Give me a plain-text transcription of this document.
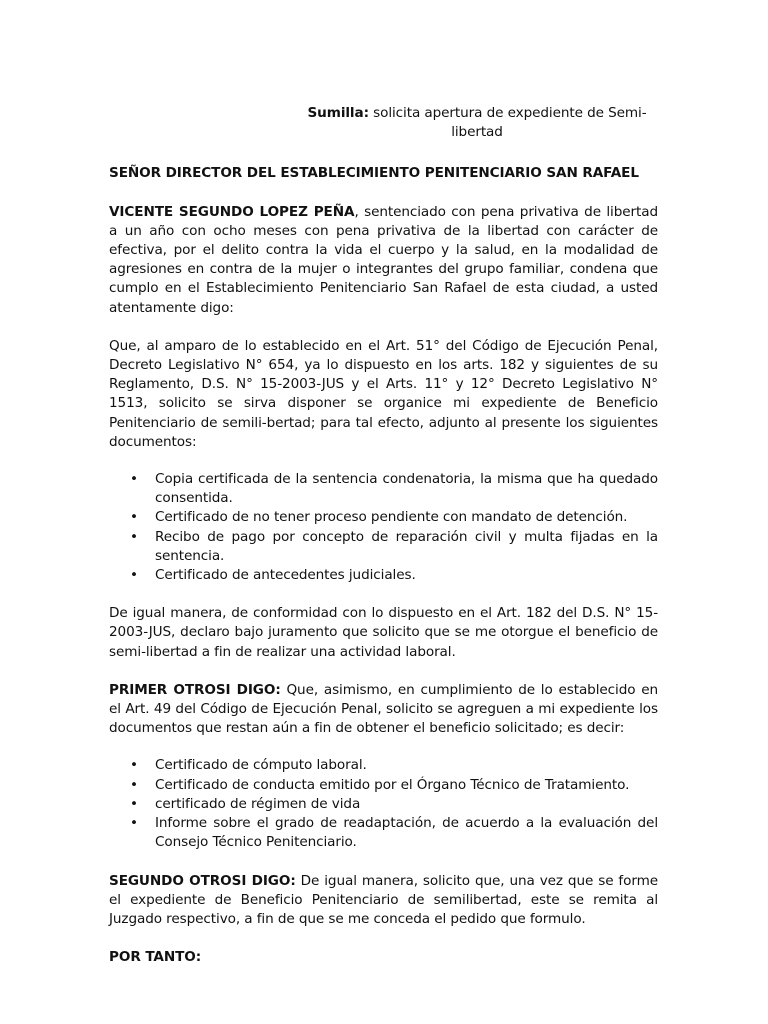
Sumilla: solicita apertura de expediente de Semi-libertad
SEÑOR DIRECTOR DEL ESTABLECIMIENTO PENITENCIARIO SAN RAFAEL

VICENTE SEGUNDO LOPEZ PEÑA, sentenciado con pena privativa de libertad a un año con ocho meses con pena privativa de la libertad con carácter de efectiva, por el delito contra la vida el cuerpo y la salud, en la modalidad de agresiones en contra de la mujer o integrantes del grupo familiar, condena que cumplo en el Establecimiento Penitenciario San Rafael de esta ciudad, a usted atentamente digo:

Que, al amparo de lo establecido en el Art. 51° del Código de Ejecución Penal, Decreto Legislativo N° 654, ya lo dispuesto en los arts. 182 y siguientes de su Reglamento, D.S. N° 15-2003-JUS y el Arts. 11° y 12° Decreto Legislativo N° 1513, solicito se sirva disponer se organice mi expediente de Beneficio Penitenciario de semili-bertad; para tal efecto, adjunto al presente los siguientes documentos:

• Copia certificada de la sentencia condenatoria, la misma que ha quedado consentida.
• Certificado de no tener proceso pendiente con mandato de detención.
• Recibo de pago por concepto de reparación civil y multa fijadas en la sentencia.
• Certificado de antecedentes judiciales.

De igual manera, de conformidad con lo dispuesto en el Art. 182 del D.S. N° 15-2003-JUS, declaro bajo juramento que solicito que se me otorgue el beneficio de semi-libertad a fin de realizar una actividad laboral.

PRIMER OTROSI DIGO: Que, asimismo, en cumplimiento de lo establecido en el Art. 49 del Código de Ejecución Penal, solicito se agreguen a mi expediente los documentos que restan aún a fin de obtener el beneficio solicitado; es decir:

• Certificado de cómputo laboral.
• Certificado de conducta emitido por el Órgano Técnico de Tratamiento.
• certificado de régimen de vida
• Informe sobre el grado de readaptación, de acuerdo a la evaluación del Consejo Técnico Penitenciario.

SEGUNDO OTROSI DIGO: De igual manera, solicito que, una vez que se forme el expediente de Beneficio Penitenciario de semilibertad, este se remita al Juzgado respectivo, a fin de que se me conceda el pedido que formulo.

POR TANTO:
